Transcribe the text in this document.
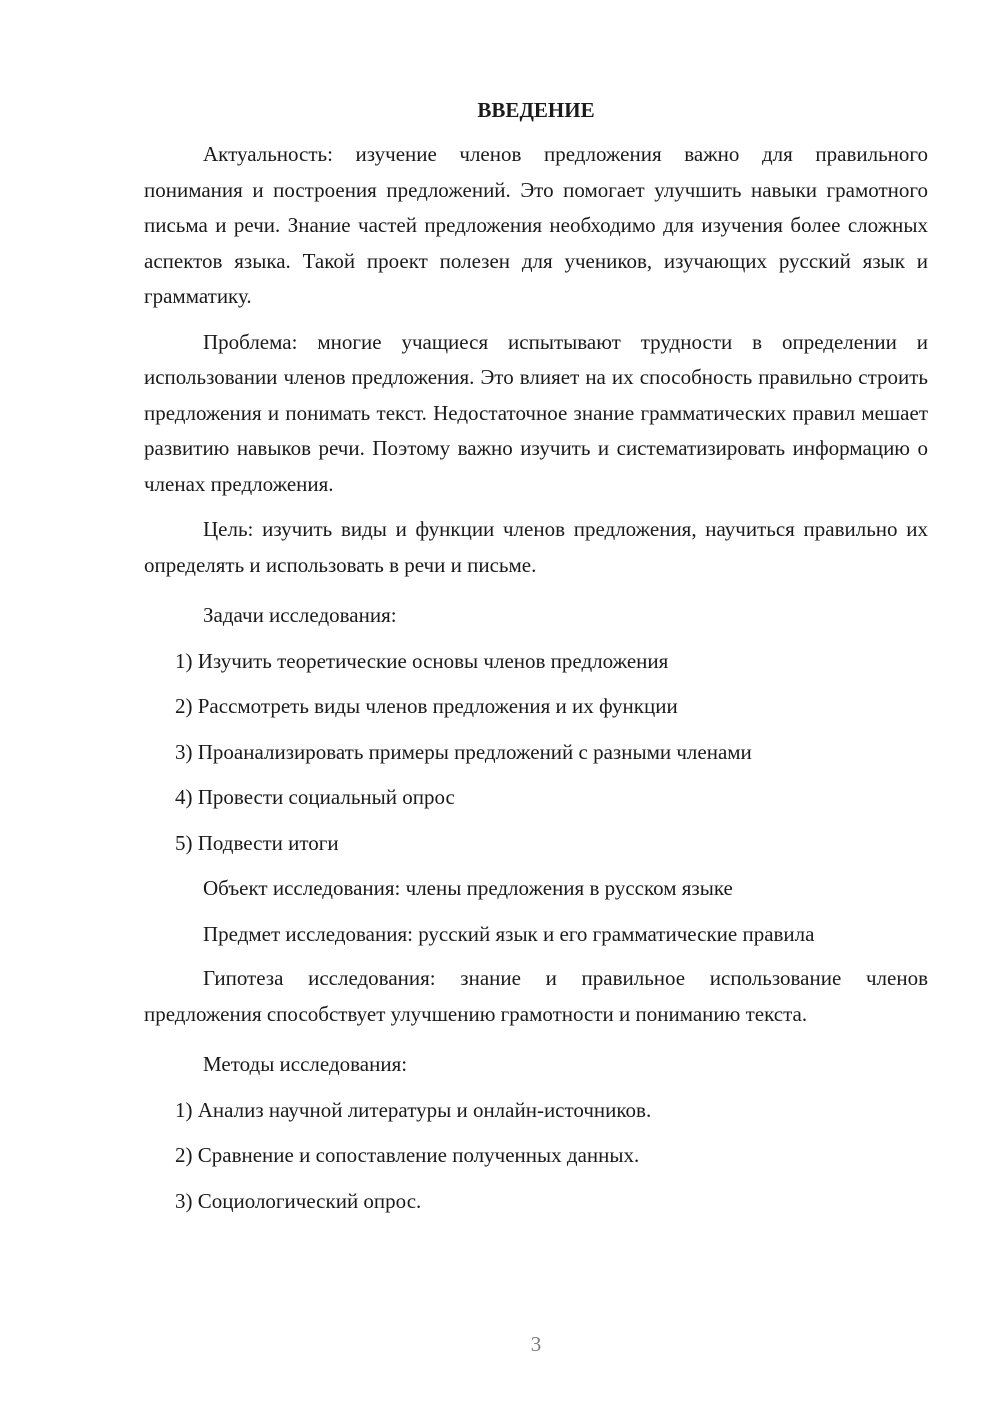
ВВЕДЕНИЕ

Актуальность: изучение членов предложения важно для правильного понимания и построения предложений. Это помогает улучшить навыки грамотного письма и речи. Знание частей предложения необходимо для изучения более сложных аспектов языка. Такой проект полезен для учеников, изучающих русский язык и грамматику.

Проблема: многие учащиеся испытывают трудности в определении и использовании членов предложения. Это влияет на их способность правильно строить предложения и понимать текст. Недостаточное знание грамматических правил мешает развитию навыков речи. Поэтому важно изучить и систематизировать информацию о членах предложения.

Цель: изучить виды и функции членов предложения, научиться правильно их определять и использовать в речи и письме.

Задачи исследования:
1) Изучить теоретические основы членов предложения
2) Рассмотреть виды членов предложения и их функции
3) Проанализировать примеры предложений с разными членами
4) Провести социальный опрос
5) Подвести итоги
Объект исследования: члены предложения в русском языке
Предмет исследования: русский язык и его грамматические правила

Гипотеза исследования: знание и правильное использование членов предложения способствует улучшению грамотности и пониманию текста.

Методы исследования:
1) Анализ научной литературы и онлайн-источников.
2) Сравнение и сопоставление полученных данных.
3) Социологический опрос.
3
